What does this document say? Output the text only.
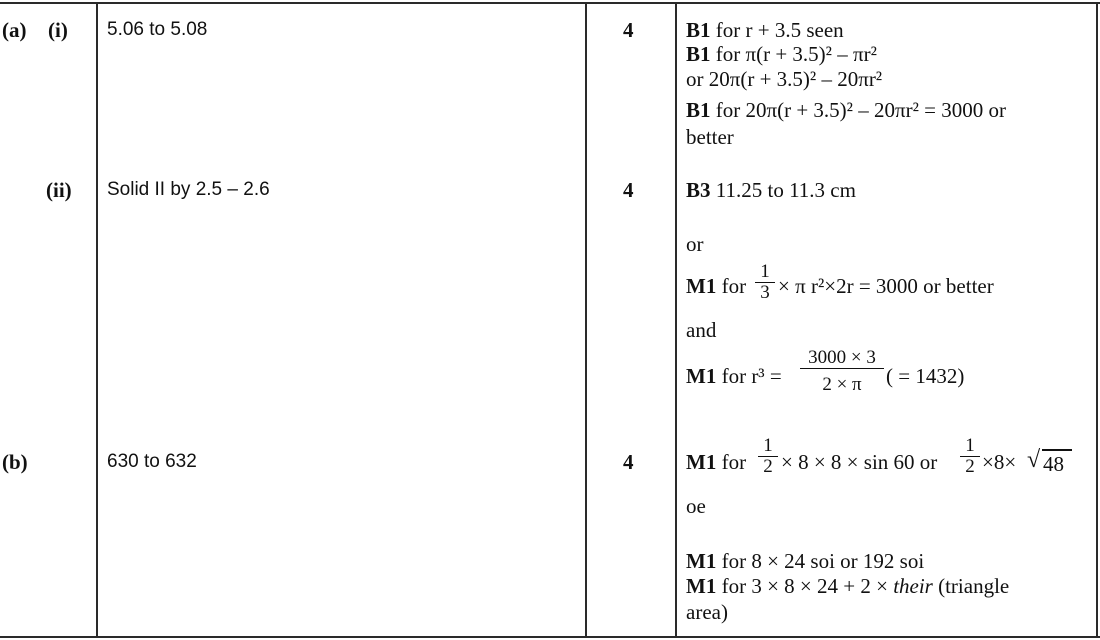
(a) (i) 5.06 to 5.08	4	B1 for r + 3.5 seen
B1 for π(r + 3.5)² – πr²
or 20π(r + 3.5)² – 20πr²
B1 for 20π(r + 3.5)² – 20πr² = 3000 or
better
(ii) Solid II by 2.5 – 2.6	4	B3 11.25 to 11.3 cm
or
M1 for $\frac{1}{3} \times \pi$ r²×2r = 3000 or better
and
M1 for $r^3 = \frac{3000 \times 3}{2 \times \pi}$ ( = 1432)
(b)	630 to 632	4	M1 for $\frac{1}{2} \times 8 \times 8 \times \sin 60$ or $\frac{1}{2} \times 8\times$ √ 48
oe
M1 for 8 × 24 soi or 192 soi
M1 for 3 × 8 × 24 + 2 × their (triangle
area)
